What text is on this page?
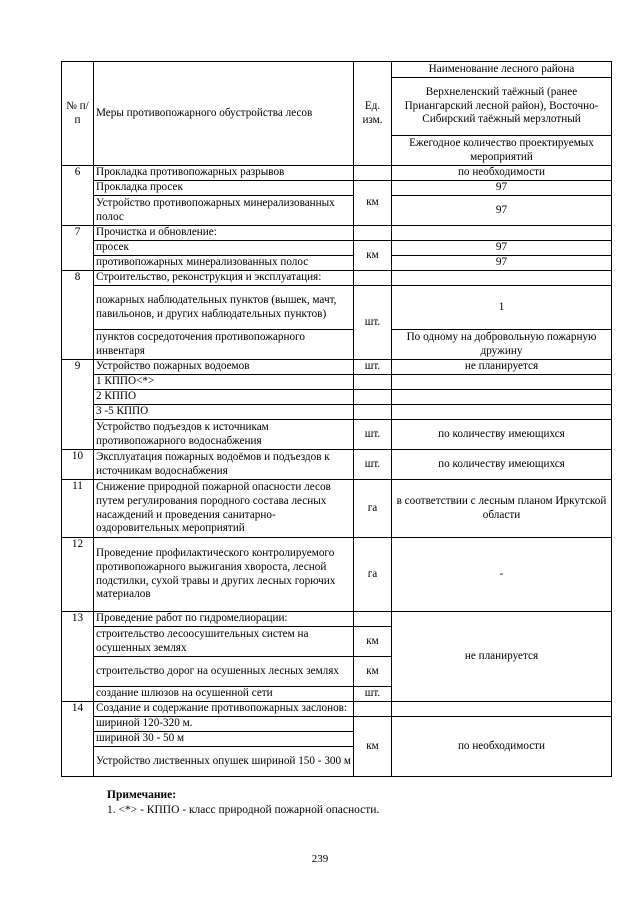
№ п/п	Меры противопожарного обустройства лесов	Ед. изм.	Наименование лесного района
			Верхнеленский таёжный (ранее Приангарский лесной район), Восточно-Сибирский таёжный мерзлотный
			Ежегодное количество проектируемых мероприятий
6	Прокладка противопожарных разрывов		по необходимости
	Прокладка просек	км	97
	Устройство противопожарных минерализованных полос		97
7	Прочистка и обновление:		
	просек	км	97
	противопожарных минерализованных полос		97
8	Строительство, реконструкция и эксплуатация:		
	пожарных наблюдательных пунктов (вышек, мачт, павильонов, и других наблюдательных пунктов)	шт.	1
	пунктов сосредоточения противопожарного инвентаря		По одному на добровольную пожарную дружину
9	Устройство пожарных водоемов	шт.	не планируется
	1 КППО<*>		
	2 КППО		
	3 -5 КППО		
	Устройство подъездов к источникам противопожарного водоснабжения	шт.	по количеству имеющихся
10	Эксплуатация пожарных водоёмов и подъездов к источникам водоснабжения	шт.	по количеству имеющихся
11	Снижение природной пожарной опасности лесов путем регулирования породного состава лесных насаждений и проведения санитарно-оздоровительных мероприятий	га	в соответствии с лесным планом Иркутской области
12	Проведение профилактического контролируемого противопожарного выжигания хвороста, лесной подстилки, сухой травы и других лесных горючих материалов	га	-
13	Проведение работ по гидромелиорации:		не планируется
	строительство лесоосушительных систем на осушенных землях	км	
	строительство дорог на осушенных лесных землях	км	
	создание шлюзов на осушенной сети	шт.	
14	Создание и содержание противопожарных заслонов:		
	шириной 120-320 м.	км	по необходимости
	шириной 30 - 50 м		
	Устройство лиственных опушек шириной 150 - 300 м		
Примечание:
1. <*> - КППО - класс природной пожарной опасности.
239
